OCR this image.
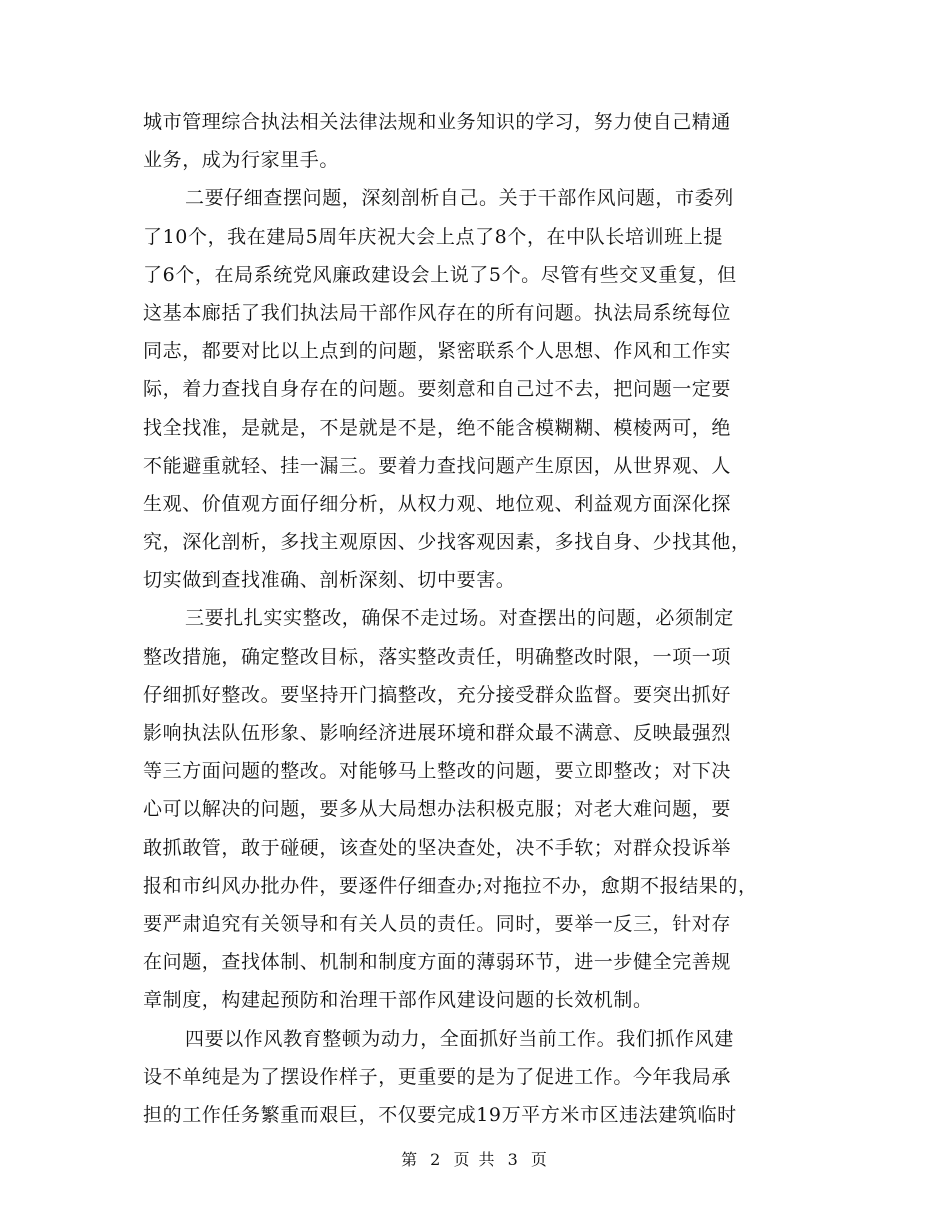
城市管理综合执法相关法律法规和业务知识的学习，努力使自己精通
业务，成为行家里手。
二要仔细查摆问题，深刻剖析自己。关于干部作风问题，市委列
了10个，我在建局5周年庆祝大会上点了8个，在中队长培训班上提
了6个，在局系统党风廉政建设会上说了5个。尽管有些交叉重复，但
这基本廊括了我们执法局干部作风存在的所有问题。执法局系统每位
同志，都要对比以上点到的问题，紧密联系个人思想、作风和工作实
际，着力查找自身存在的问题。要刻意和自己过不去，把问题一定要
找全找准，是就是，不是就是不是，绝不能含模糊糊、模棱两可，绝
不能避重就轻、挂一漏三。要着力查找问题产生原因，从世界观、人
生观、价值观方面仔细分析，从权力观、地位观、利益观方面深化探
究，深化剖析，多找主观原因、少找客观因素，多找自身、少找其他，
切实做到查找准确、剖析深刻、切中要害。
三要扎扎实实整改，确保不走过场。对查摆出的问题，必须制定
整改措施，确定整改目标，落实整改责任，明确整改时限，一项一项
仔细抓好整改。要坚持开门搞整改，充分接受群众监督。要突出抓好
影响执法队伍形象、影响经济进展环境和群众最不满意、反映最强烈
等三方面问题的整改。对能够马上整改的问题，要立即整改；对下决
心可以解决的问题，要多从大局想办法积极克服；对老大难问题，要
敢抓敢管，敢于碰硬，该查处的坚决查处，决不手软；对群众投诉举
报和市纠风办批办件，要逐件仔细查办;对拖拉不办，愈期不报结果的，
要严肃追究有关领导和有关人员的责任。同时，要举一反三，针对存
在问题，查找体制、机制和制度方面的薄弱环节，进一步健全完善规
章制度，构建起预防和治理干部作风建设问题的长效机制。
四要以作风教育整顿为动力，全面抓好当前工作。我们抓作风建
设不单纯是为了摆设作样子，更重要的是为了促进工作。今年我局承
担的工作任务繁重而艰巨，不仅要完成19万平方米市区违法建筑临时
第 2 页 共 3 页
